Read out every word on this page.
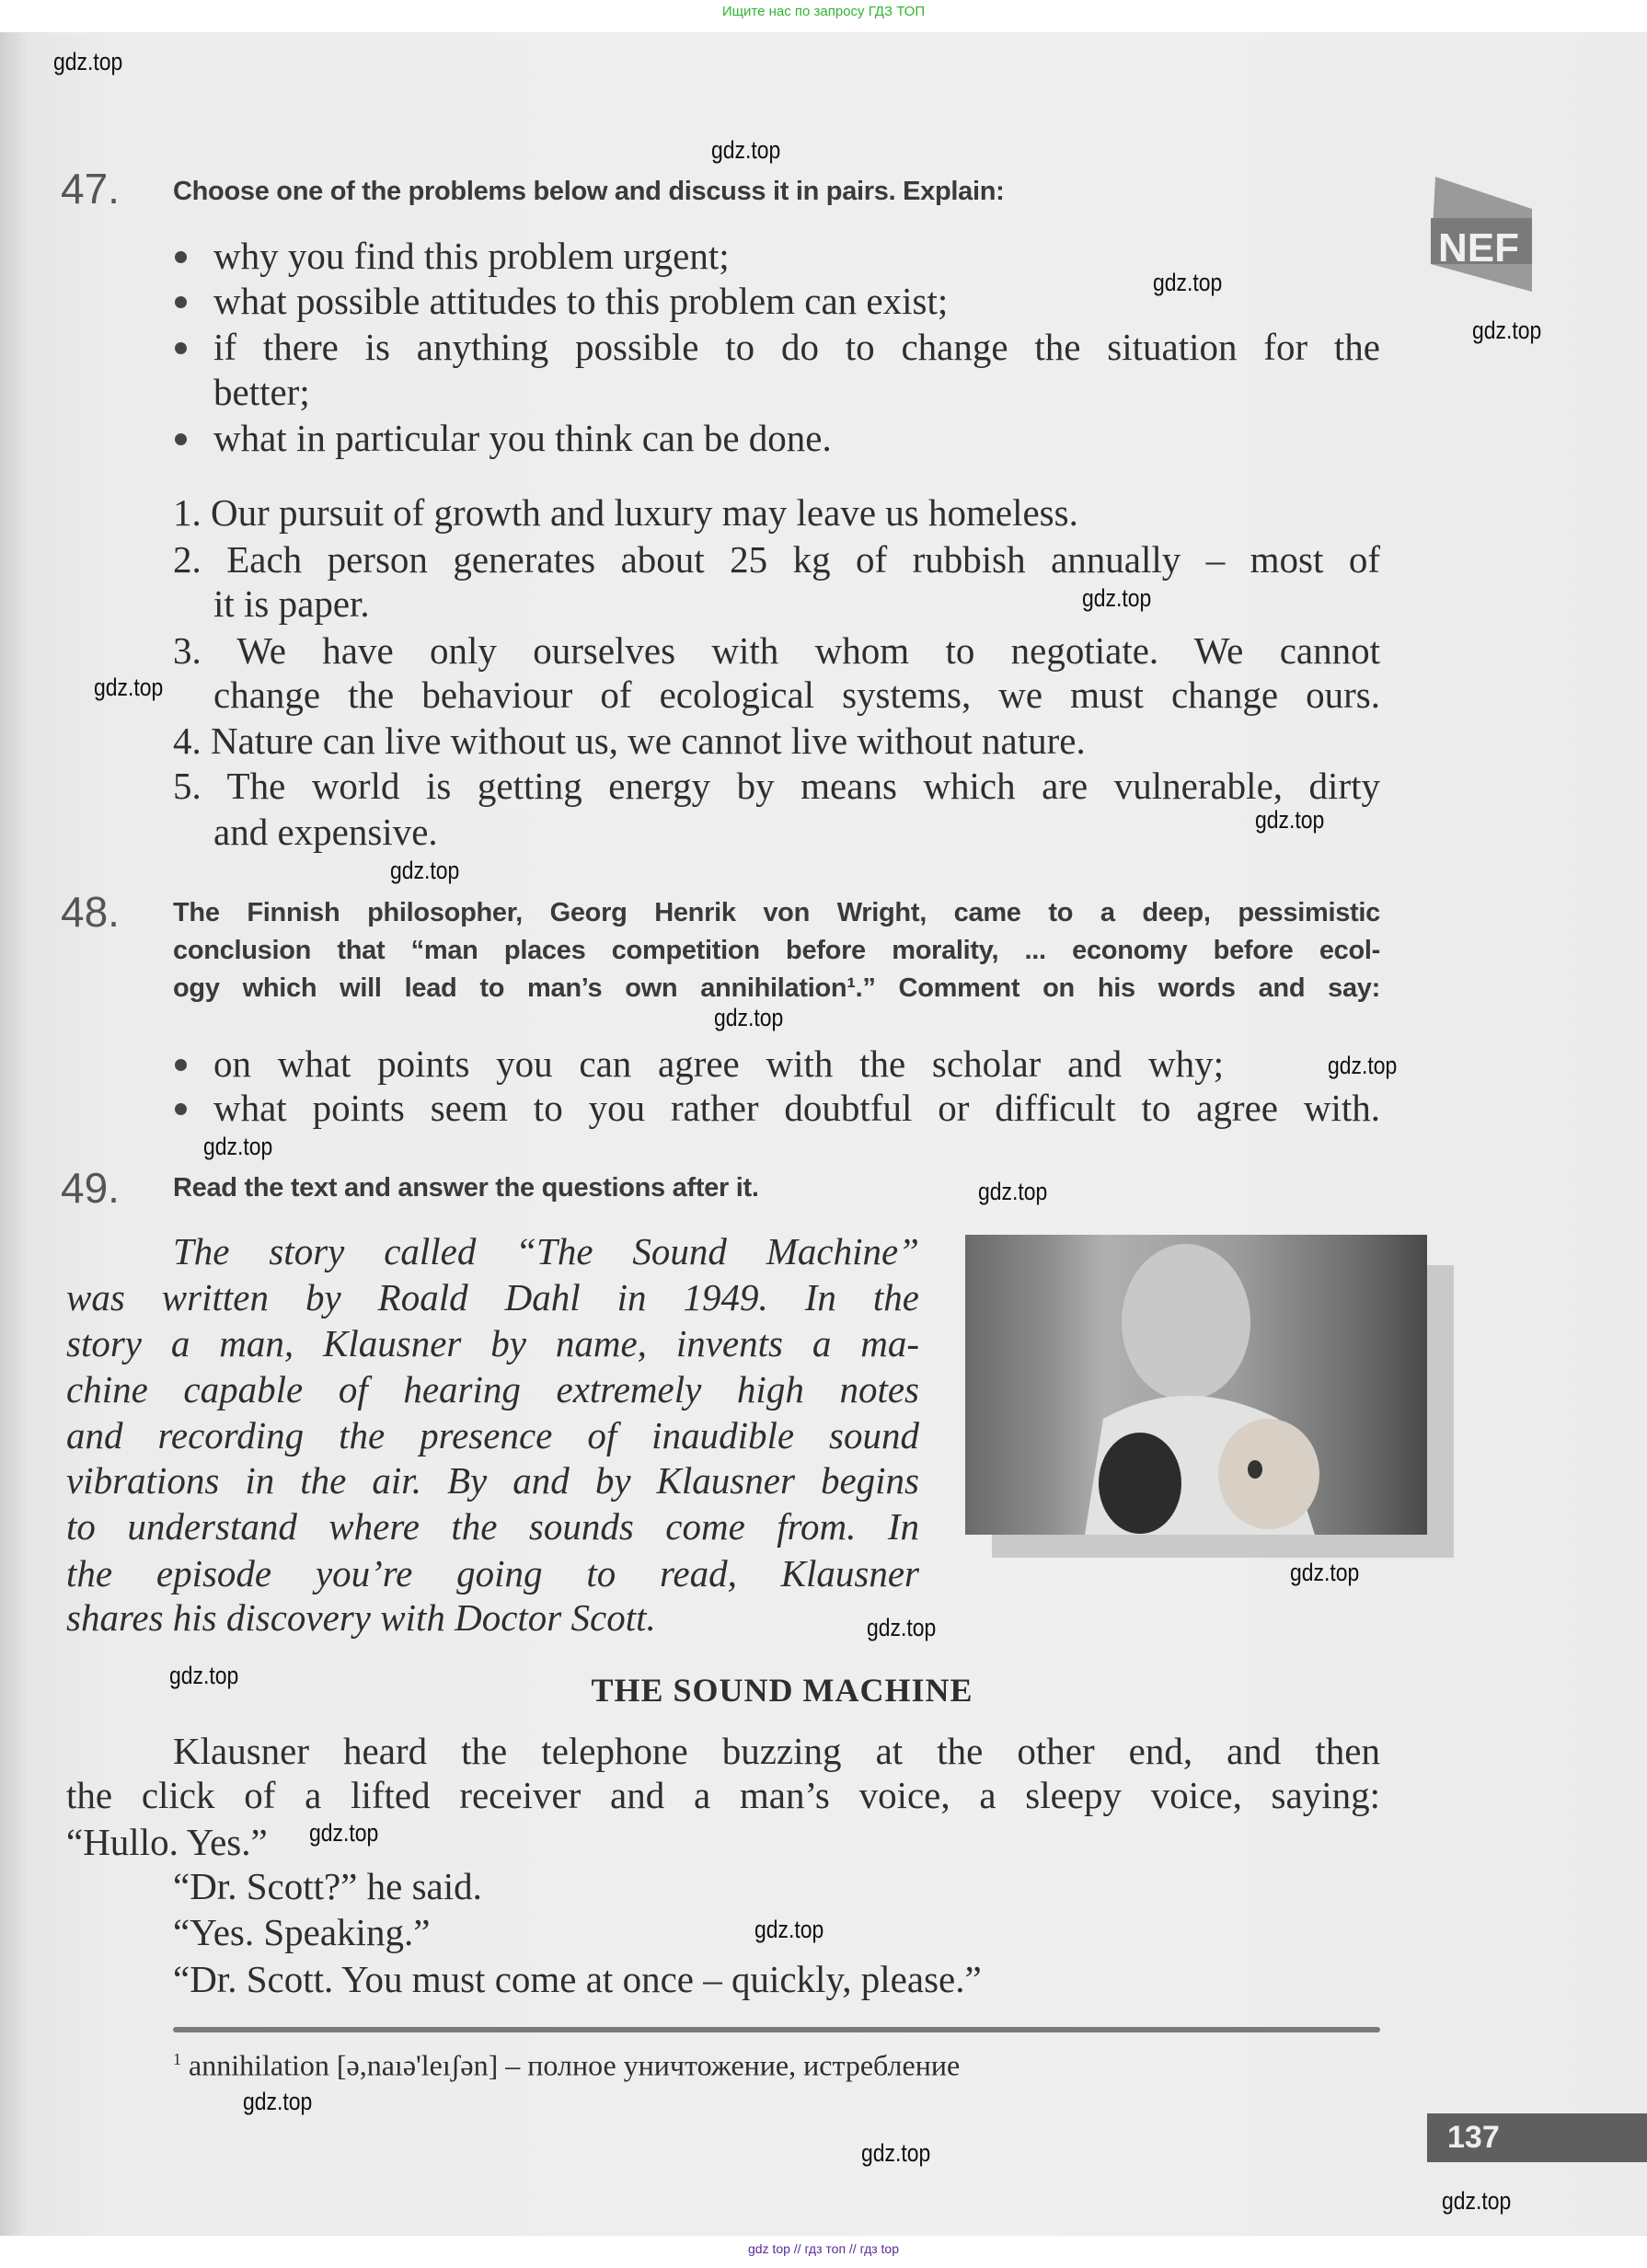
Ищите нас по запросу ГДЗ ТОП
NEF
47. Choose one of the problems below and discuss it in pairs. Explain:
why you find this problem urgent;
what possible attitudes to this problem can exist;
if there is anything possible to do to change the situation for the
better;
what in particular you think can be done.
1. Our pursuit of growth and luxury may leave us homeless.
2. Each person generates about 25 kg of rubbish annually – most of
it is paper.
3. We have only ourselves with whom to negotiate. We cannot
change the behaviour of ecological systems, we must change ours.
4. Nature can live without us, we cannot live without nature.
5. The world is getting energy by means which are vulnerable, dirty
and expensive.
48. The Finnish philosopher, Georg Henrik von Wright, came to a deep, pessimistic
conclusion that “man places competition before morality, ... economy before ecol-
ogy which will lead to man’s own annihilation¹.” Comment on his words and say:
on what points you can agree with the scholar and why;
what points seem to you rather doubtful or difficult to agree with.
49. Read the text and answer the questions after it.
The story called “The Sound Machine”
was written by Roald Dahl in 1949. In the
story a man, Klausner by name, invents a ma-
chine capable of hearing extremely high notes
and recording the presence of inaudible sound
vibrations in the air. By and by Klausner begins
to understand where the sounds come from. In
the episode you’re going to read, Klausner
shares his discovery with Doctor Scott.
THE SOUND MACHINE
Klausner heard the telephone buzzing at the other end, and then
the click of a lifted receiver and a man’s voice, a sleepy voice, saying:
“Hullo. Yes.”
“Dr. Scott?” he said.
“Yes. Speaking.”
“Dr. Scott. You must come at once – quickly, please.”
$^1$ annihilation [ə,naıə'leıʃən] – полное уничтожение, истребление
137
gdz.top
gdz.top
gdz.top
gdz.top
gdz.top
gdz.top
gdz.top
gdz.top
gdz.top
gdz.top
gdz.top
gdz.top
gdz.top
gdz.top
gdz.top
gdz.top
gdz.top
gdz.top
gdz.top
gdz.top
gdz top // гдз топ // гдз top
